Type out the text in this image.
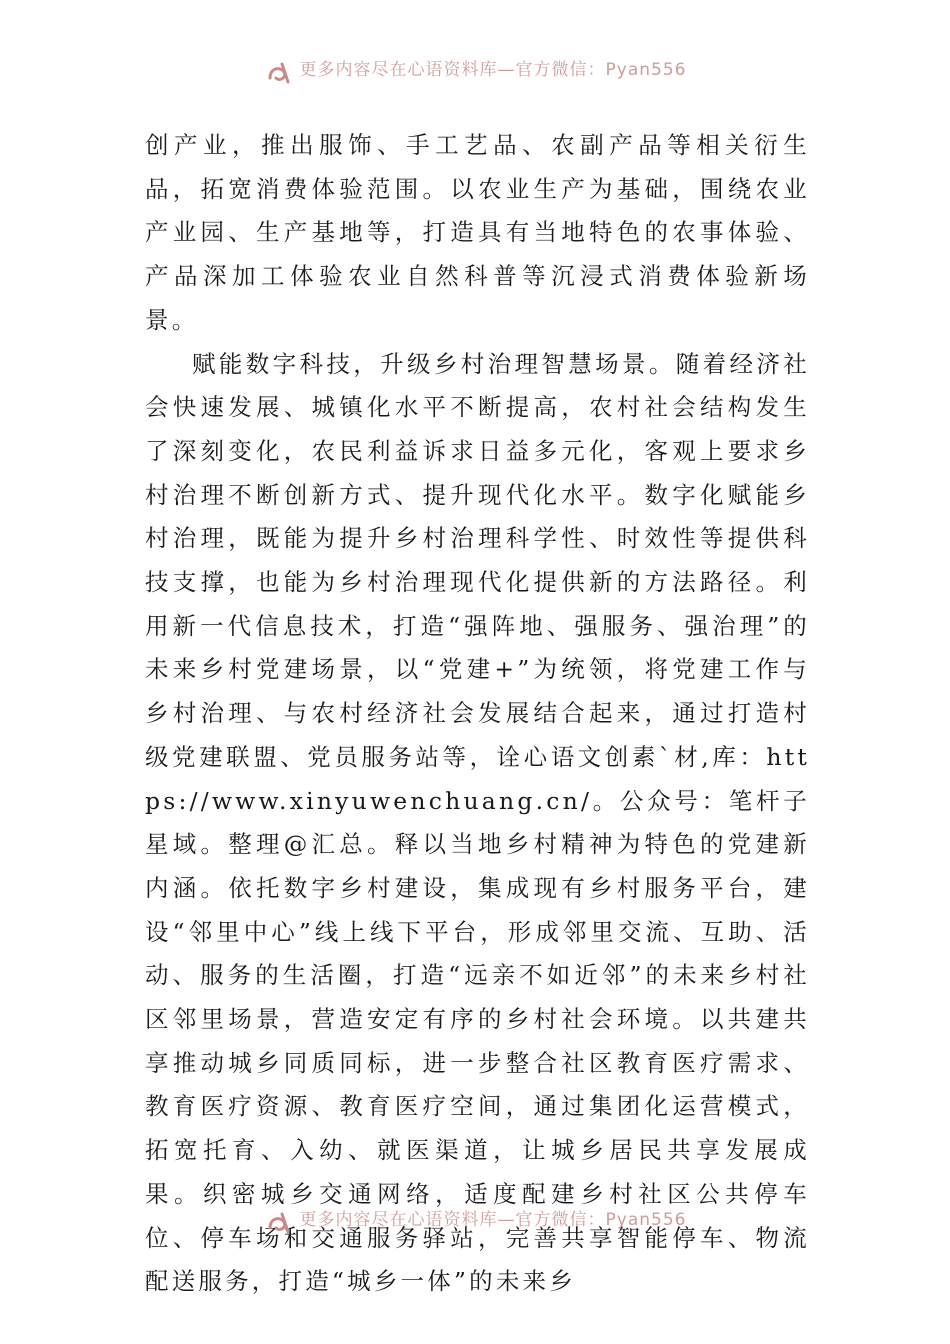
更多内容尽在心语资料库—官方微信：Pyan556

创产业，推出服饰、手工艺品、农副产品等相关衍生品，拓宽消费体验范围。以农业生产为基础，围绕农业产业园、生产基地等，打造具有当地特色的农事体验、产品深加工体验农业自然科普等沉浸式消费体验新场景。

赋能数字科技，升级乡村治理智慧场景。随着经济社会快速发展、城镇化水平不断提高，农村社会结构发生了深刻变化，农民利益诉求日益多元化，客观上要求乡村治理不断创新方式、提升现代化水平。数字化赋能乡村治理，既能为提升乡村治理科学性、时效性等提供科技支撑，也能为乡村治理现代化提供新的方法路径。利用新一代信息技术，打造“强阵地、强服务、强治理”的未来乡村党建场景，以“党建+”为统领，将党建工作与乡村治理、与农村经济社会发展结合起来，通过打造村级党建联盟、党员服务站等，诠心语文创素`材,库：https://www.xinyuwenchuang.cn/。公众号：笔杆子星域。整理@汇总。释以当地乡村精神为特色的党建新内涵。依托数字乡村建设，集成现有乡村服务平台，建设“邻里中心”线上线下平台，形成邻里交流、互助、活动、服务的生活圈，打造“远亲不如近邻”的未来乡村社区邻里场景，营造安定有序的乡村社会环境。以共建共享推动城乡同质同标，进一步整合社区教育医疗需求、教育医疗资源、教育医疗空间，通过集团化运营模式，拓宽托育、入幼、就医渠道，让城乡居民共享发展成果。织密城乡交通网络，适度配建乡村社区公共停车位、停车场和交通服务驿站，完善共享智能停车、物流配送服务，打造“城乡一体”的未来乡

更多内容尽在心语资料库—官方微信：Pyan556
